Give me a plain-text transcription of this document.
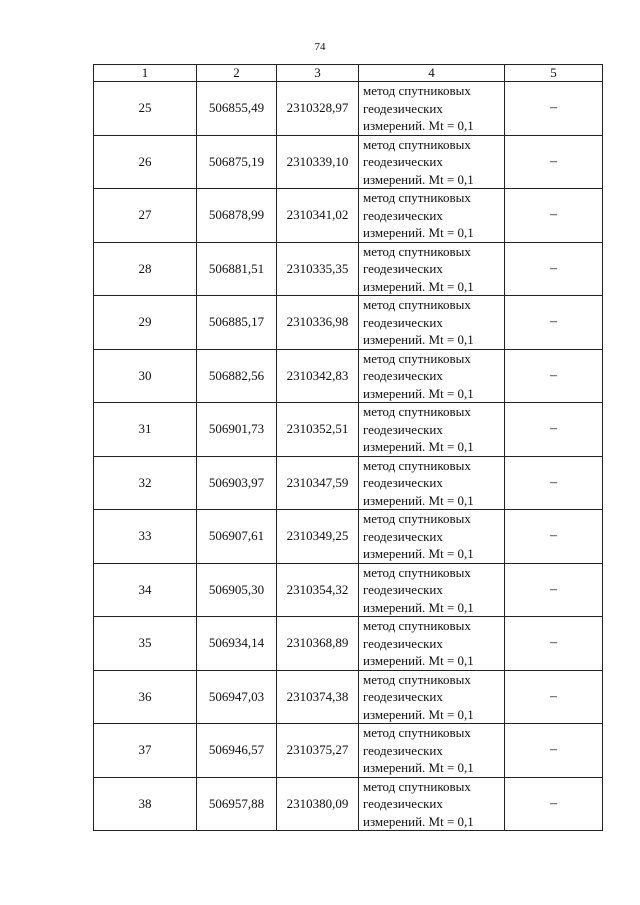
74
1	2	3	4	5
25	506855,49	2310328,97	метод спутниковых
геодезических
измерений. Mt = 0,1	–
26	506875,19	2310339,10	метод спутниковых
геодезических
измерений. Mt = 0,1	–
27	506878,99	2310341,02	метод спутниковых
геодезических
измерений. Mt = 0,1	–
28	506881,51	2310335,35	метод спутниковых
геодезических
измерений. Mt = 0,1	–
29	506885,17	2310336,98	метод спутниковых
геодезических
измерений. Mt = 0,1	–
30	506882,56	2310342,83	метод спутниковых
геодезических
измерений. Mt = 0,1	–
31	506901,73	2310352,51	метод спутниковых
геодезических
измерений. Mt = 0,1	–
32	506903,97	2310347,59	метод спутниковых
геодезических
измерений. Mt = 0,1	–
33	506907,61	2310349,25	метод спутниковых
геодезических
измерений. Mt = 0,1	–
34	506905,30	2310354,32	метод спутниковых
геодезических
измерений. Mt = 0,1	–
35	506934,14	2310368,89	метод спутниковых
геодезических
измерений. Mt = 0,1	–
36	506947,03	2310374,38	метод спутниковых
геодезических
измерений. Mt = 0,1	–
37	506946,57	2310375,27	метод спутниковых
геодезических
измерений. Mt = 0,1	–
38	506957,88	2310380,09	метод спутниковых
геодезических
измерений. Mt = 0,1	–
